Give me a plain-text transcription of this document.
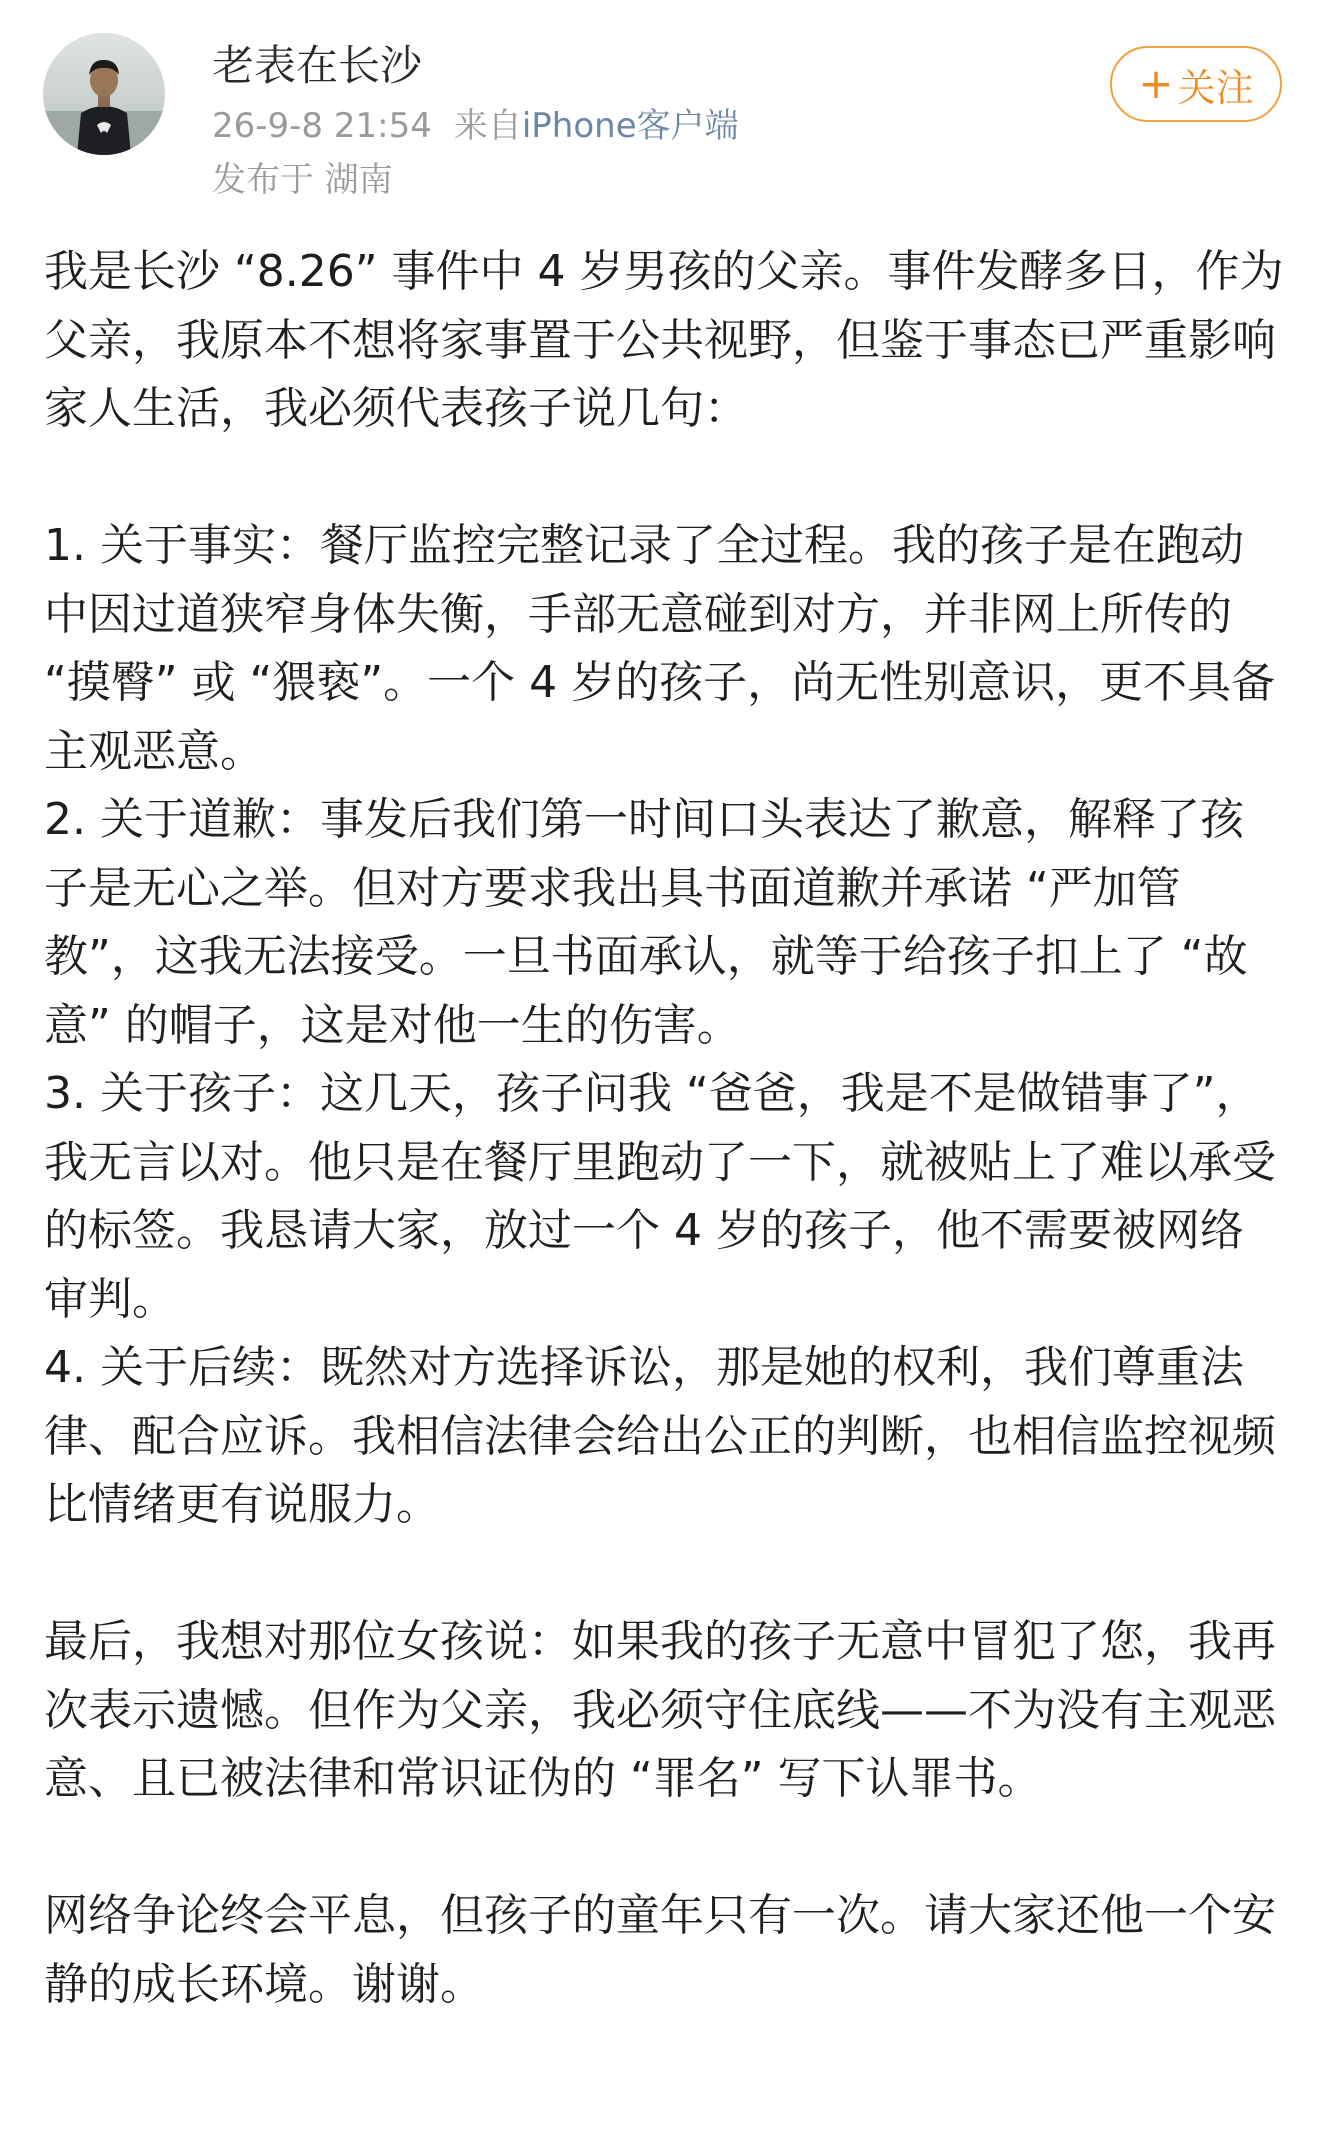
老表在长沙
26-9-8 21:54 来自iPhone客户端
发布于 湖南
+ 关注

我是长沙 “8.26” 事件中 4 岁男孩的父亲。事件发酵多日，作为父亲，我原本不想将家事置于公共视野，但鉴于事态已严重影响家人生活，我必须代表孩子说几句：

1. 关于事实：餐厅监控完整记录了全过程。我的孩子是在跑动中因过道狭窄身体失衡，手部无意碰到对方，并非网上所传的 “摸臀” 或 “猥亵”。一个 4 岁的孩子，尚无性别意识，更不具备主观恶意。

2. 关于道歉：事发后我们第一时间口头表达了歉意，解释了孩子是无心之举。但对方要求我出具书面道歉并承诺 “严加管教”，这我无法接受。一旦书面承认，就等于给孩子扣上了 “故意” 的帽子，这是对他一生的伤害。

3. 关于孩子：这几天，孩子问我 “爸爸，我是不是做错事了”，我无言以对。他只是在餐厅里跑动了一下，就被贴上了难以承受的标签。我恳请大家，放过一个 4 岁的孩子，他不需要被网络审判。

4. 关于后续：既然对方选择诉讼，那是她的权利，我们尊重法律、配合应诉。我相信法律会给出公正的判断，也相信监控视频比情绪更有说服力。

最后，我想对那位女孩说：如果我的孩子无意中冒犯了您，我再次表示遗憾。但作为父亲，我必须守住底线——不为没有主观恶意、且已被法律和常识证伪的 “罪名” 写下认罪书。

网络争论终会平息，但孩子的童年只有一次。请大家还他一个安静的成长环境。谢谢。
